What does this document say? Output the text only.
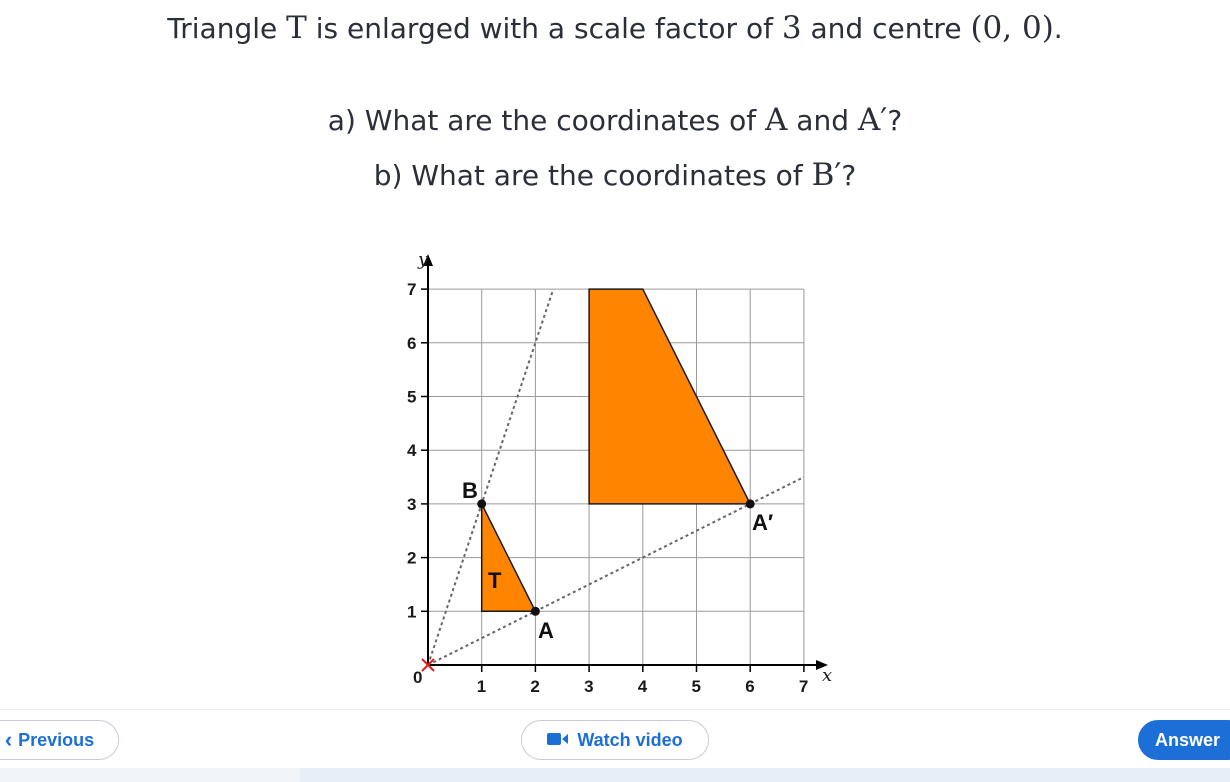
Triangle T is enlarged with a scale factor of 3 and centre (0, 0).
a) What are the coordinates of A and A′?
b) What are the coordinates of B′?
1	2	3	4	5	6	7
1
2
3
4
5
6
7
y
x
0
T
B
A
A′
‹ Previous	Watch video	Answer
